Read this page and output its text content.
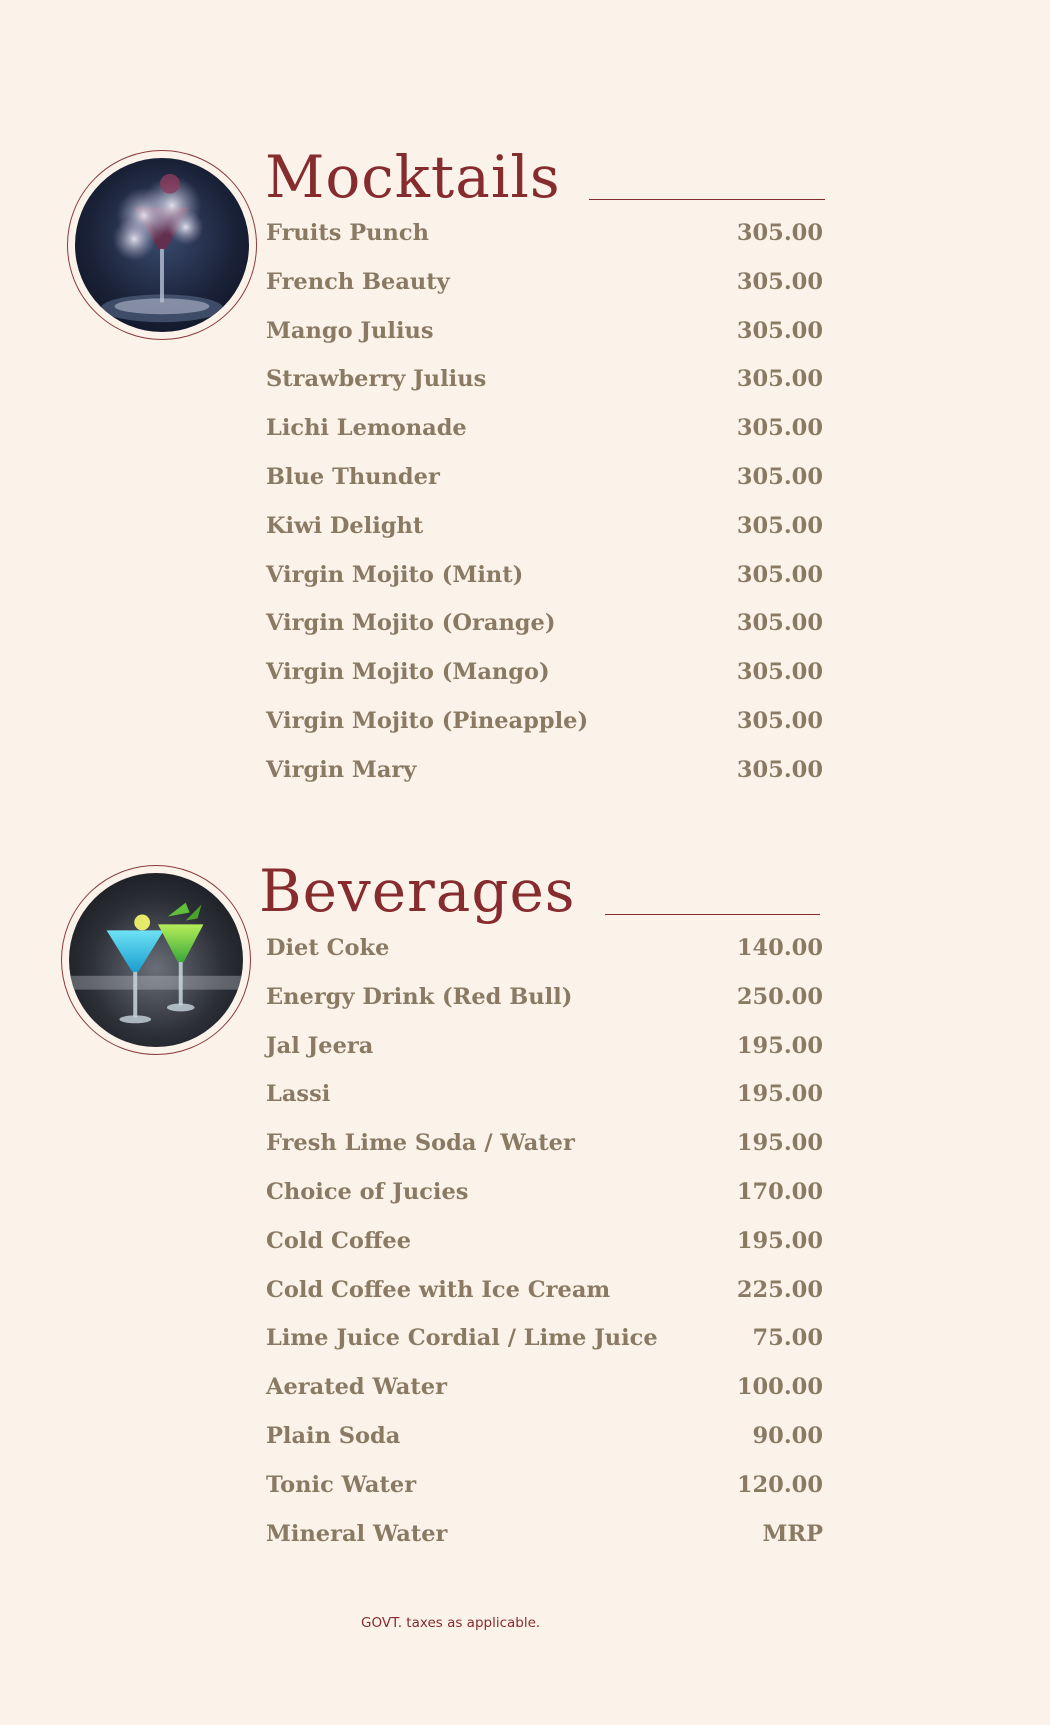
Mocktails
Fruits Punch	305.00
French Beauty	305.00
Mango Julius	305.00
Strawberry Julius	305.00
Lichi Lemonade	305.00
Blue Thunder	305.00
Kiwi Delight	305.00
Virgin Mojito (Mint)	305.00
Virgin Mojito (Orange)	305.00
Virgin Mojito (Mango)	305.00
Virgin Mojito (Pineapple)	305.00
Virgin Mary	305.00
Beverages
Diet Coke	140.00
Energy Drink (Red Bull)	250.00
Jal Jeera	195.00
Lassi	195.00
Fresh Lime Soda / Water	195.00
Choice of Jucies	170.00
Cold Coffee	195.00
Cold Coffee with Ice Cream	225.00
Lime Juice Cordial / Lime Juice	75.00
Aerated Water	100.00
Plain Soda	90.00
Tonic Water	120.00
Mineral Water	MRP
GOVT. taxes as applicable.
